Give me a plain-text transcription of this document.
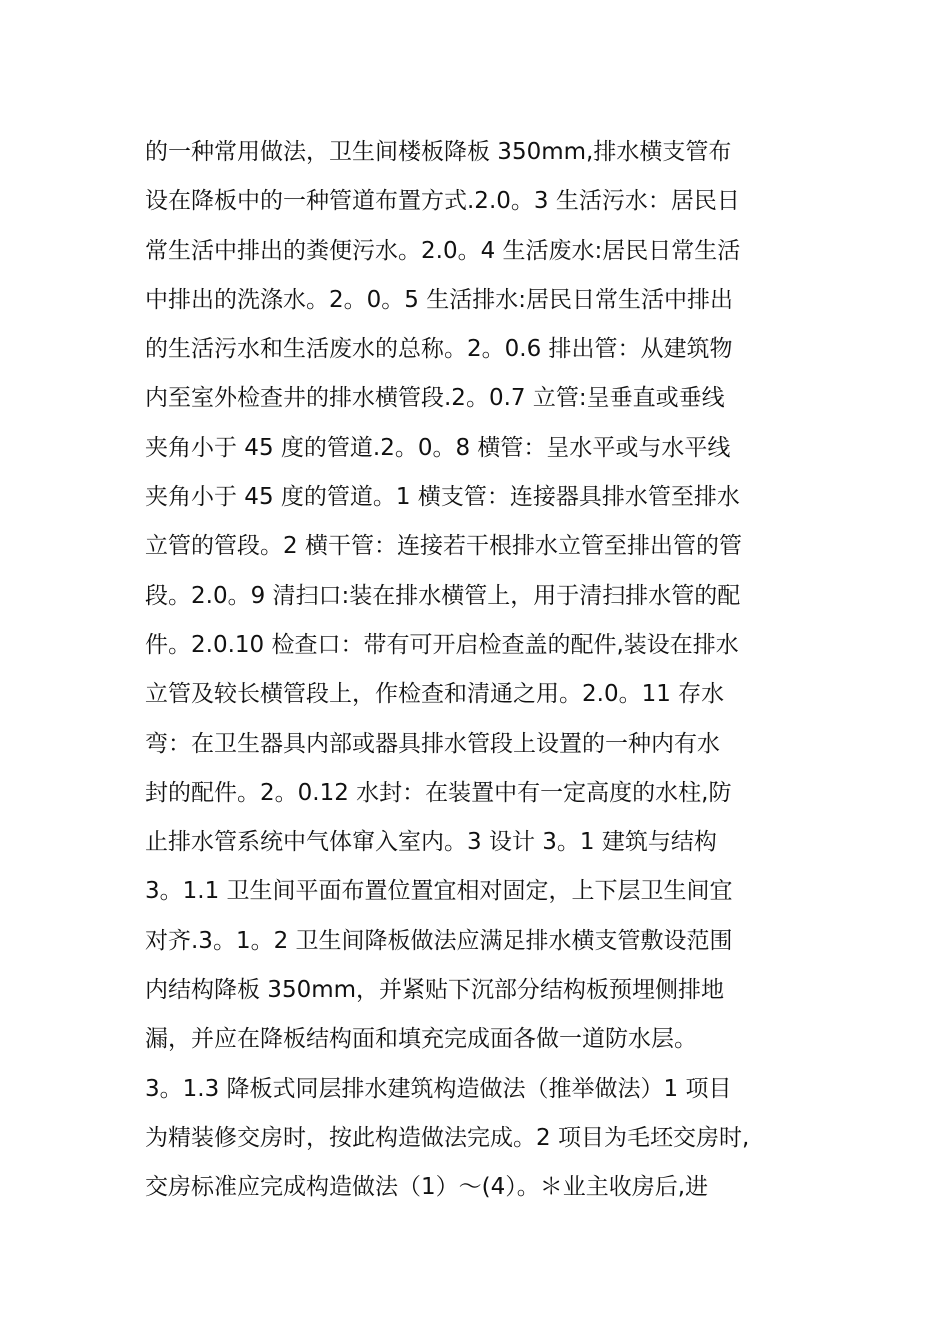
的一种常用做法，卫生间楼板降板 350mm,排水横支管布
设在降板中的一种管道布置方式.2.0。3 生活污水：居民日
常生活中排出的粪便污水。2.0。4 生活废水:居民日常生活
中排出的洗涤水。2。0。5 生活排水:居民日常生活中排出
的生活污水和生活废水的总称。2。0.6 排出管：从建筑物
内至室外检查井的排水横管段.2。0.7 立管:呈垂直或垂线
夹角小于 45 度的管道.2。0。8 横管：呈水平或与水平线
夹角小于 45 度的管道。1 横支管：连接器具排水管至排水
立管的管段。2 横干管：连接若干根排水立管至排出管的管
段。2.0。9 清扫口:装在排水横管上，用于清扫排水管的配
件。2.0.10 检查口：带有可开启检查盖的配件,装设在排水
立管及较长横管段上，作检查和清通之用。2.0。11 存水
弯：在卫生器具内部或器具排水管段上设置的一种内有水
封的配件。2。0.12 水封：在装置中有一定高度的水柱,防
止排水管系统中气体窜入室内。3 设计 3。1 建筑与结构
3。1.1 卫生间平面布置位置宜相对固定，上下层卫生间宜
对齐.3。1。2 卫生间降板做法应满足排水横支管敷设范围
内结构降板 350mm，并紧贴下沉部分结构板预埋侧排地
漏，并应在降板结构面和填充完成面各做一道防水层。
3。1.3 降板式同层排水建筑构造做法（推举做法）1 项目
为精装修交房时，按此构造做法完成。2 项目为毛坯交房时,
交房标准应完成构造做法（1）～(4）。＊业主收房后,进
